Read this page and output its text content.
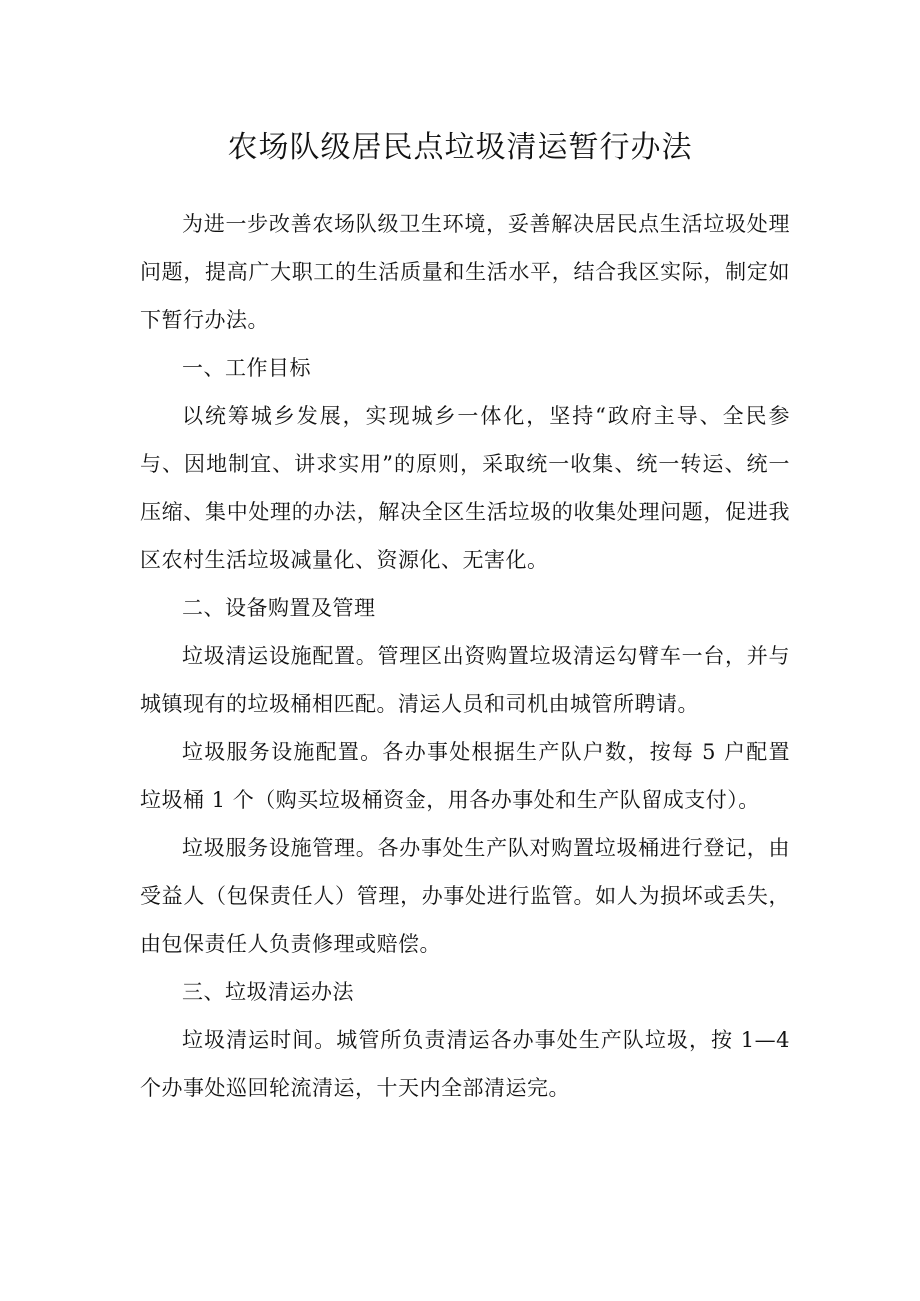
农场队级居民点垃圾清运暂行办法

为进一步改善农场队级卫生环境，妥善解决居民点生活垃圾处理问题，提高广大职工的生活质量和生活水平，结合我区实际，制定如下暂行办法。

一、工作目标

以统筹城乡发展，实现城乡一体化，坚持“政府主导、全民参与、因地制宜、讲求实用”的原则，采取统一收集、统一转运、统一压缩、集中处理的办法，解决全区生活垃圾的收集处理问题，促进我区农村生活垃圾减量化、资源化、无害化。

二、设备购置及管理

垃圾清运设施配置。管理区出资购置垃圾清运勾臂车一台，并与城镇现有的垃圾桶相匹配。清运人员和司机由城管所聘请。

垃圾服务设施配置。各办事处根据生产队户数，按每 5 户配置垃圾桶 1 个（购买垃圾桶资金，用各办事处和生产队留成支付）。

垃圾服务设施管理。各办事处生产队对购置垃圾桶进行登记，由受益人（包保责任人）管理，办事处进行监管。如人为损坏或丢失，由包保责任人负责修理或赔偿。

三、垃圾清运办法

垃圾清运时间。城管所负责清运各办事处生产队垃圾，按 1—4 个办事处巡回轮流清运，十天内全部清运完。
